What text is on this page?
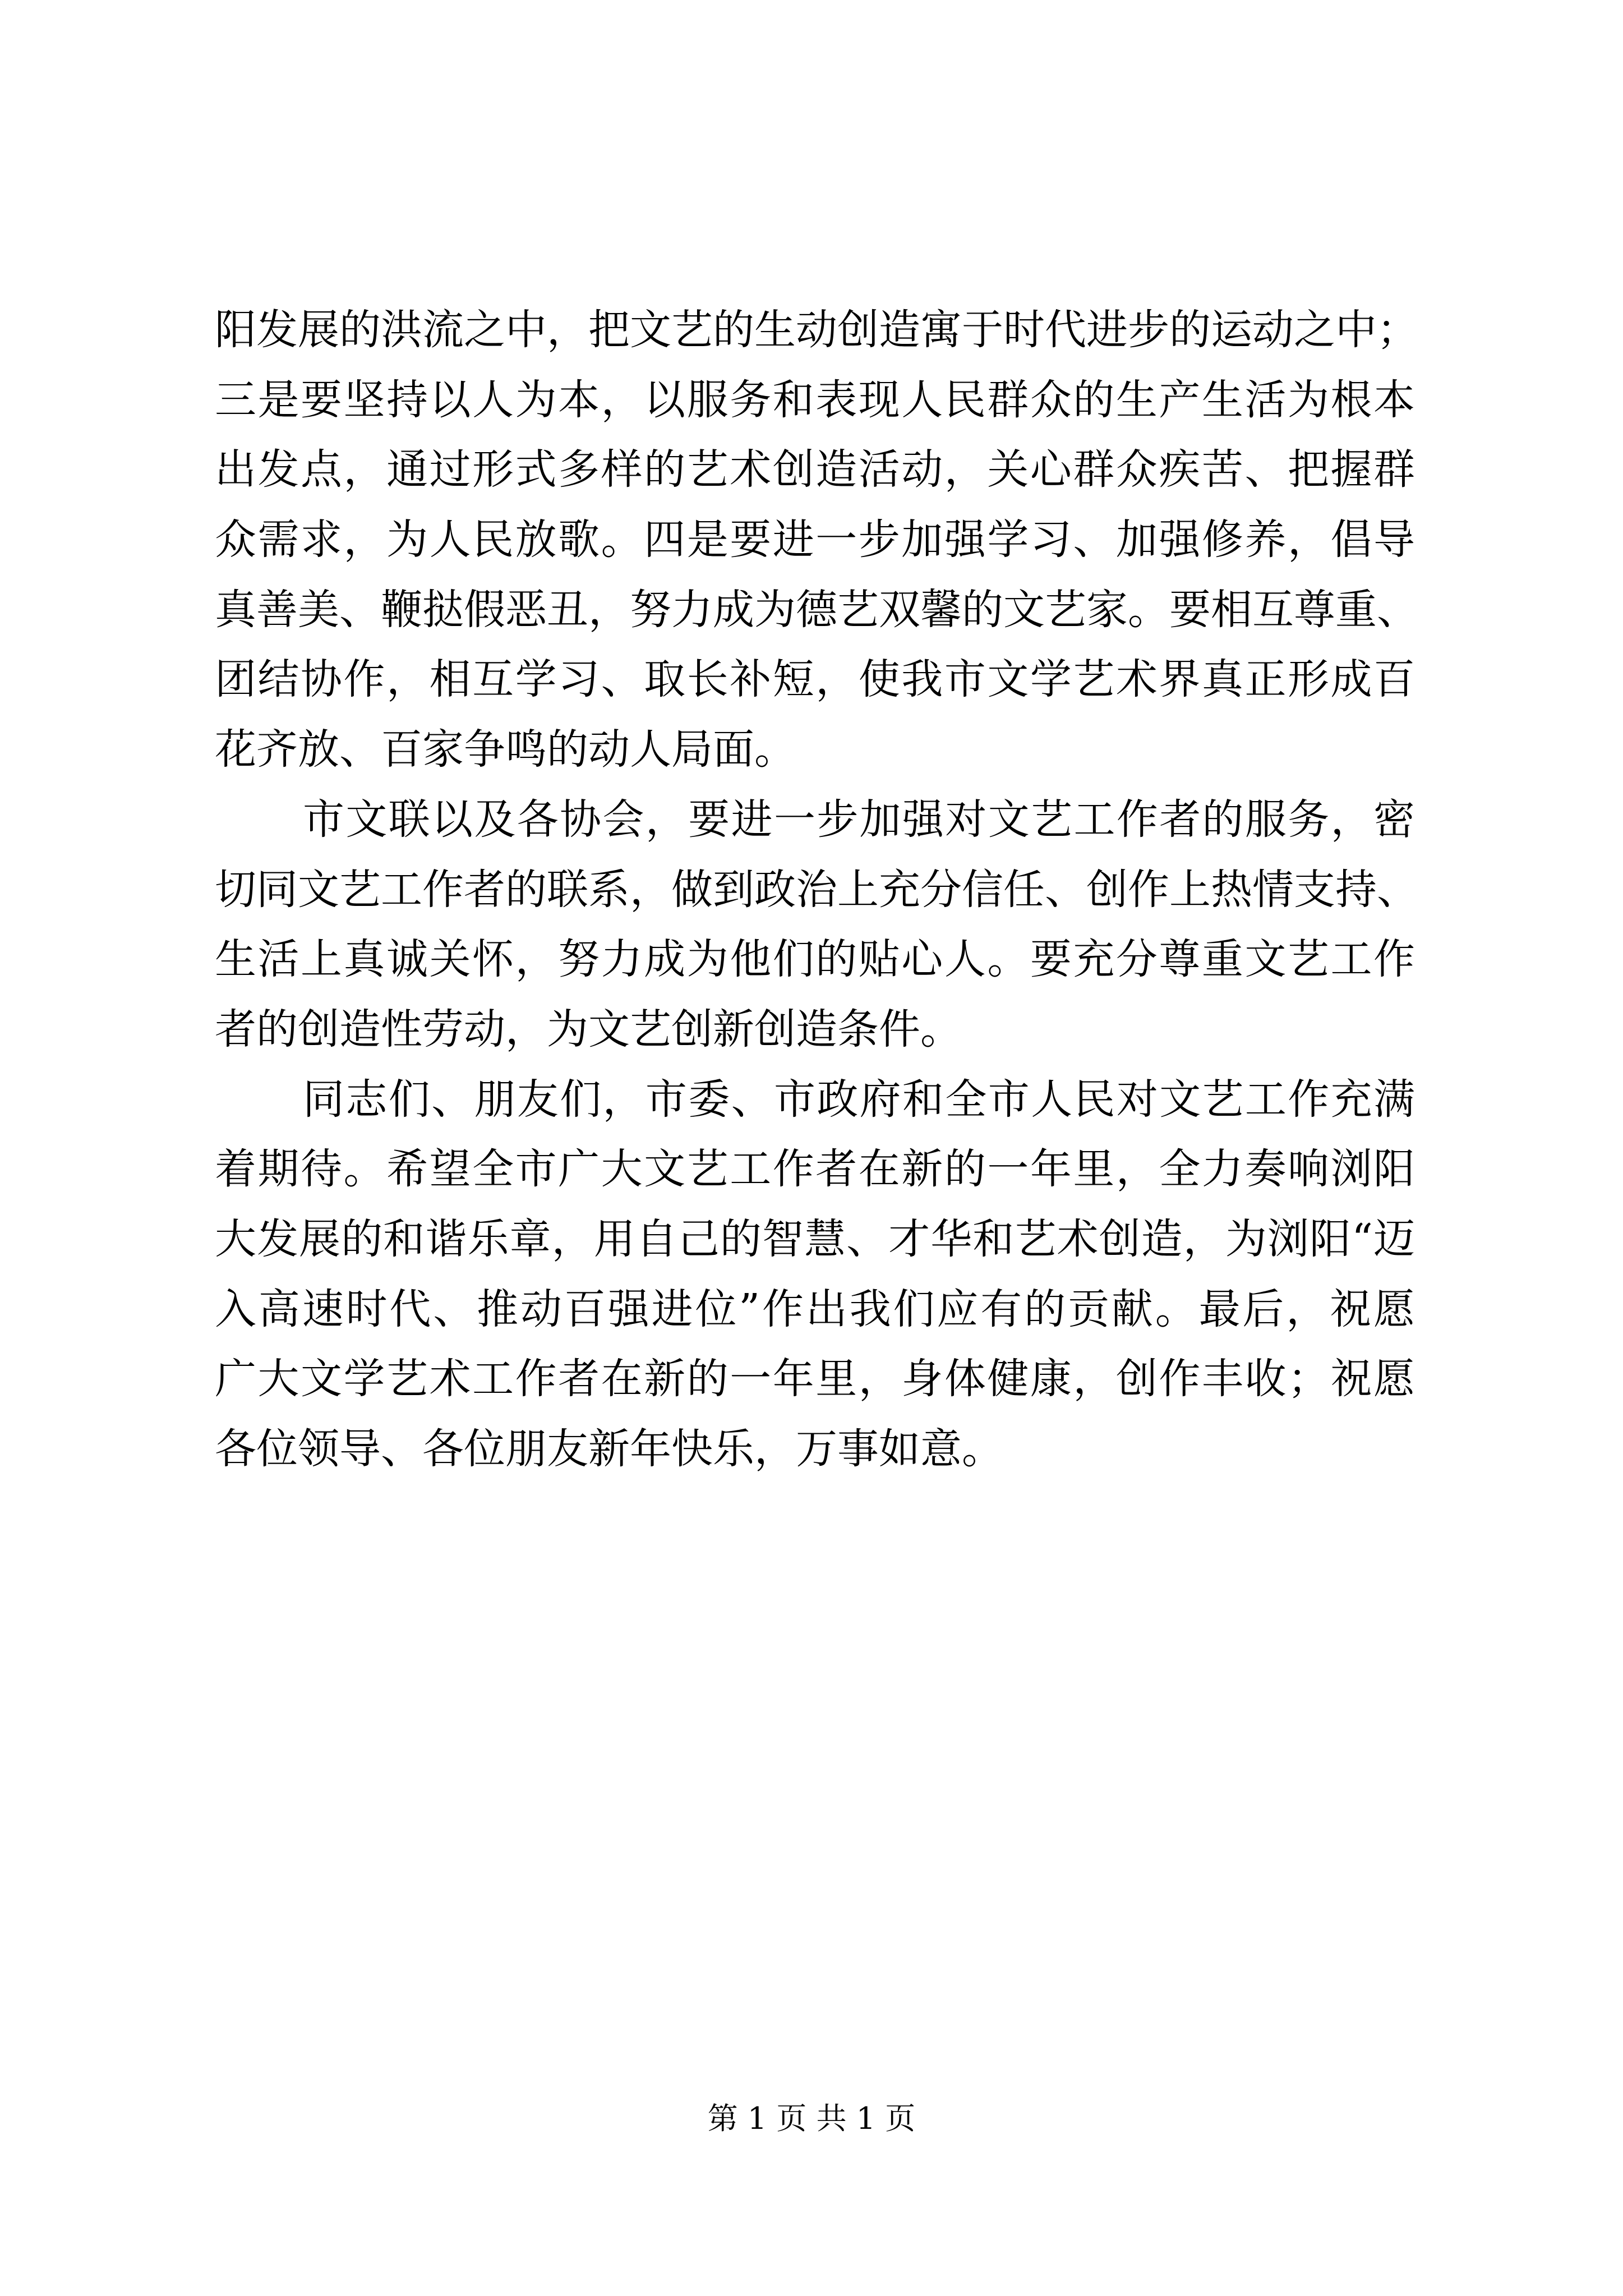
阳发展的洪流之中，把文艺的生动创造寓于时代进步的运动之中；
三是要坚持以人为本，以服务和表现人民群众的生产生活为根本
出发点，通过形式多样的艺术创造活动，关心群众疾苦、把握群
众需求，为人民放歌。四是要进一步加强学习、加强修养，倡导
真善美、鞭挞假恶丑，努力成为德艺双馨的文艺家。要相互尊重、
团结协作，相互学习、取长补短，使我市文学艺术界真正形成百
花齐放、百家争鸣的动人局面。
市文联以及各协会，要进一步加强对文艺工作者的服务，密
切同文艺工作者的联系，做到政治上充分信任、创作上热情支持、
生活上真诚关怀，努力成为他们的贴心人。要充分尊重文艺工作
者的创造性劳动，为文艺创新创造条件。
同志们、朋友们，市委、市政府和全市人民对文艺工作充满
着期待。希望全市广大文艺工作者在新的一年里，全力奏响浏阳
大发展的和谐乐章，用自己的智慧、才华和艺术创造，为浏阳“迈
入高速时代、推动百强进位”作出我们应有的贡献。最后，祝愿
广大文学艺术工作者在新的一年里，身体健康，创作丰收；祝愿
各位领导、各位朋友新年快乐，万事如意。
第 1 页 共 1 页
